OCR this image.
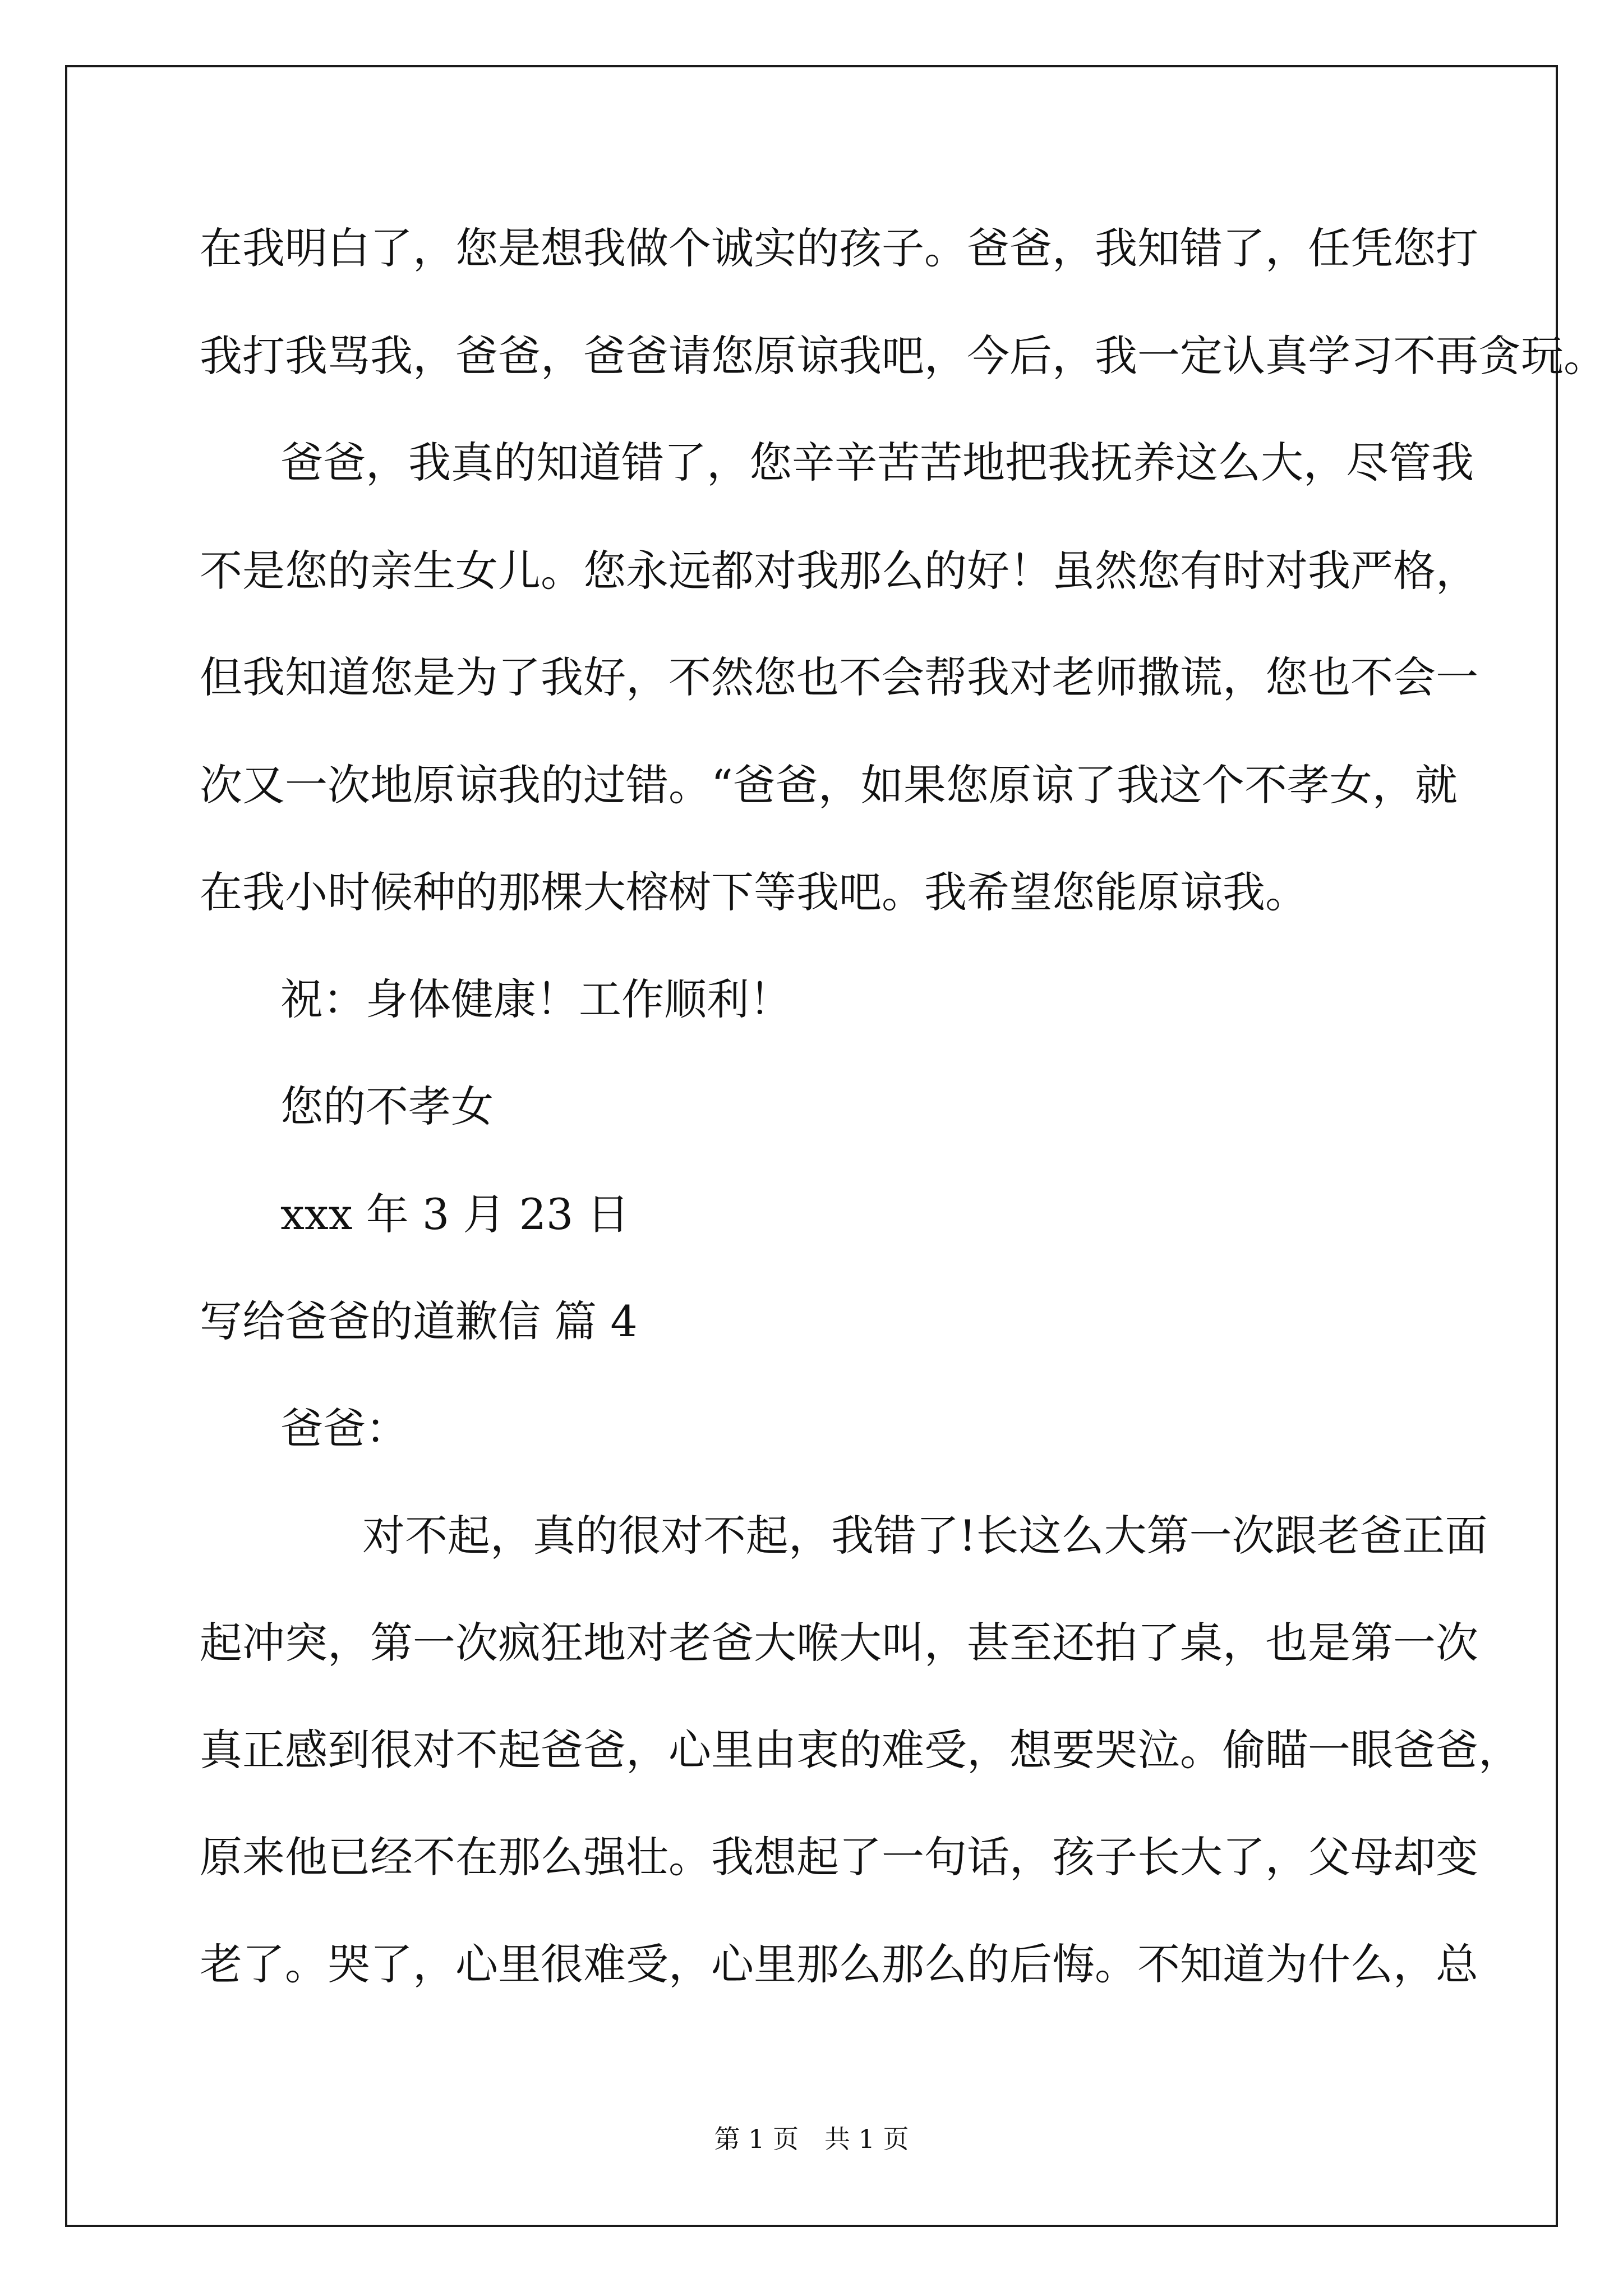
在我明白了，您是想我做个诚实的孩子。爸爸，我知错了，任凭您打
我打我骂我，爸爸，爸爸请您原谅我吧，今后，我一定认真学习不再贪玩。
爸爸，我真的知道错了，您辛辛苦苦地把我抚养这么大，尽管我
不是您的亲生女儿。您永远都对我那么的好！虽然您有时对我严格，
但我知道您是为了我好，不然您也不会帮我对老师撒谎，您也不会一
次又一次地原谅我的过错。“爸爸，如果您原谅了我这个不孝女，就
在我小时候种的那棵大榕树下等我吧。我希望您能原谅我。
祝：身体健康！工作顺利！
您的不孝女
xxx 年 3 月 23 日
写给爸爸的道歉信 篇 4
爸爸：
对不起，真的很对不起，我错了!长这么大第一次跟老爸正面
起冲突，第一次疯狂地对老爸大喉大叫，甚至还拍了桌，也是第一次
真正感到很对不起爸爸，心里由衷的难受，想要哭泣。偷瞄一眼爸爸，
原来他已经不在那么强壮。我想起了一句话，孩子长大了，父母却变
老了。哭了，心里很难受，心里那么那么的后悔。不知道为什么，总
第 1 页　共 1 页
